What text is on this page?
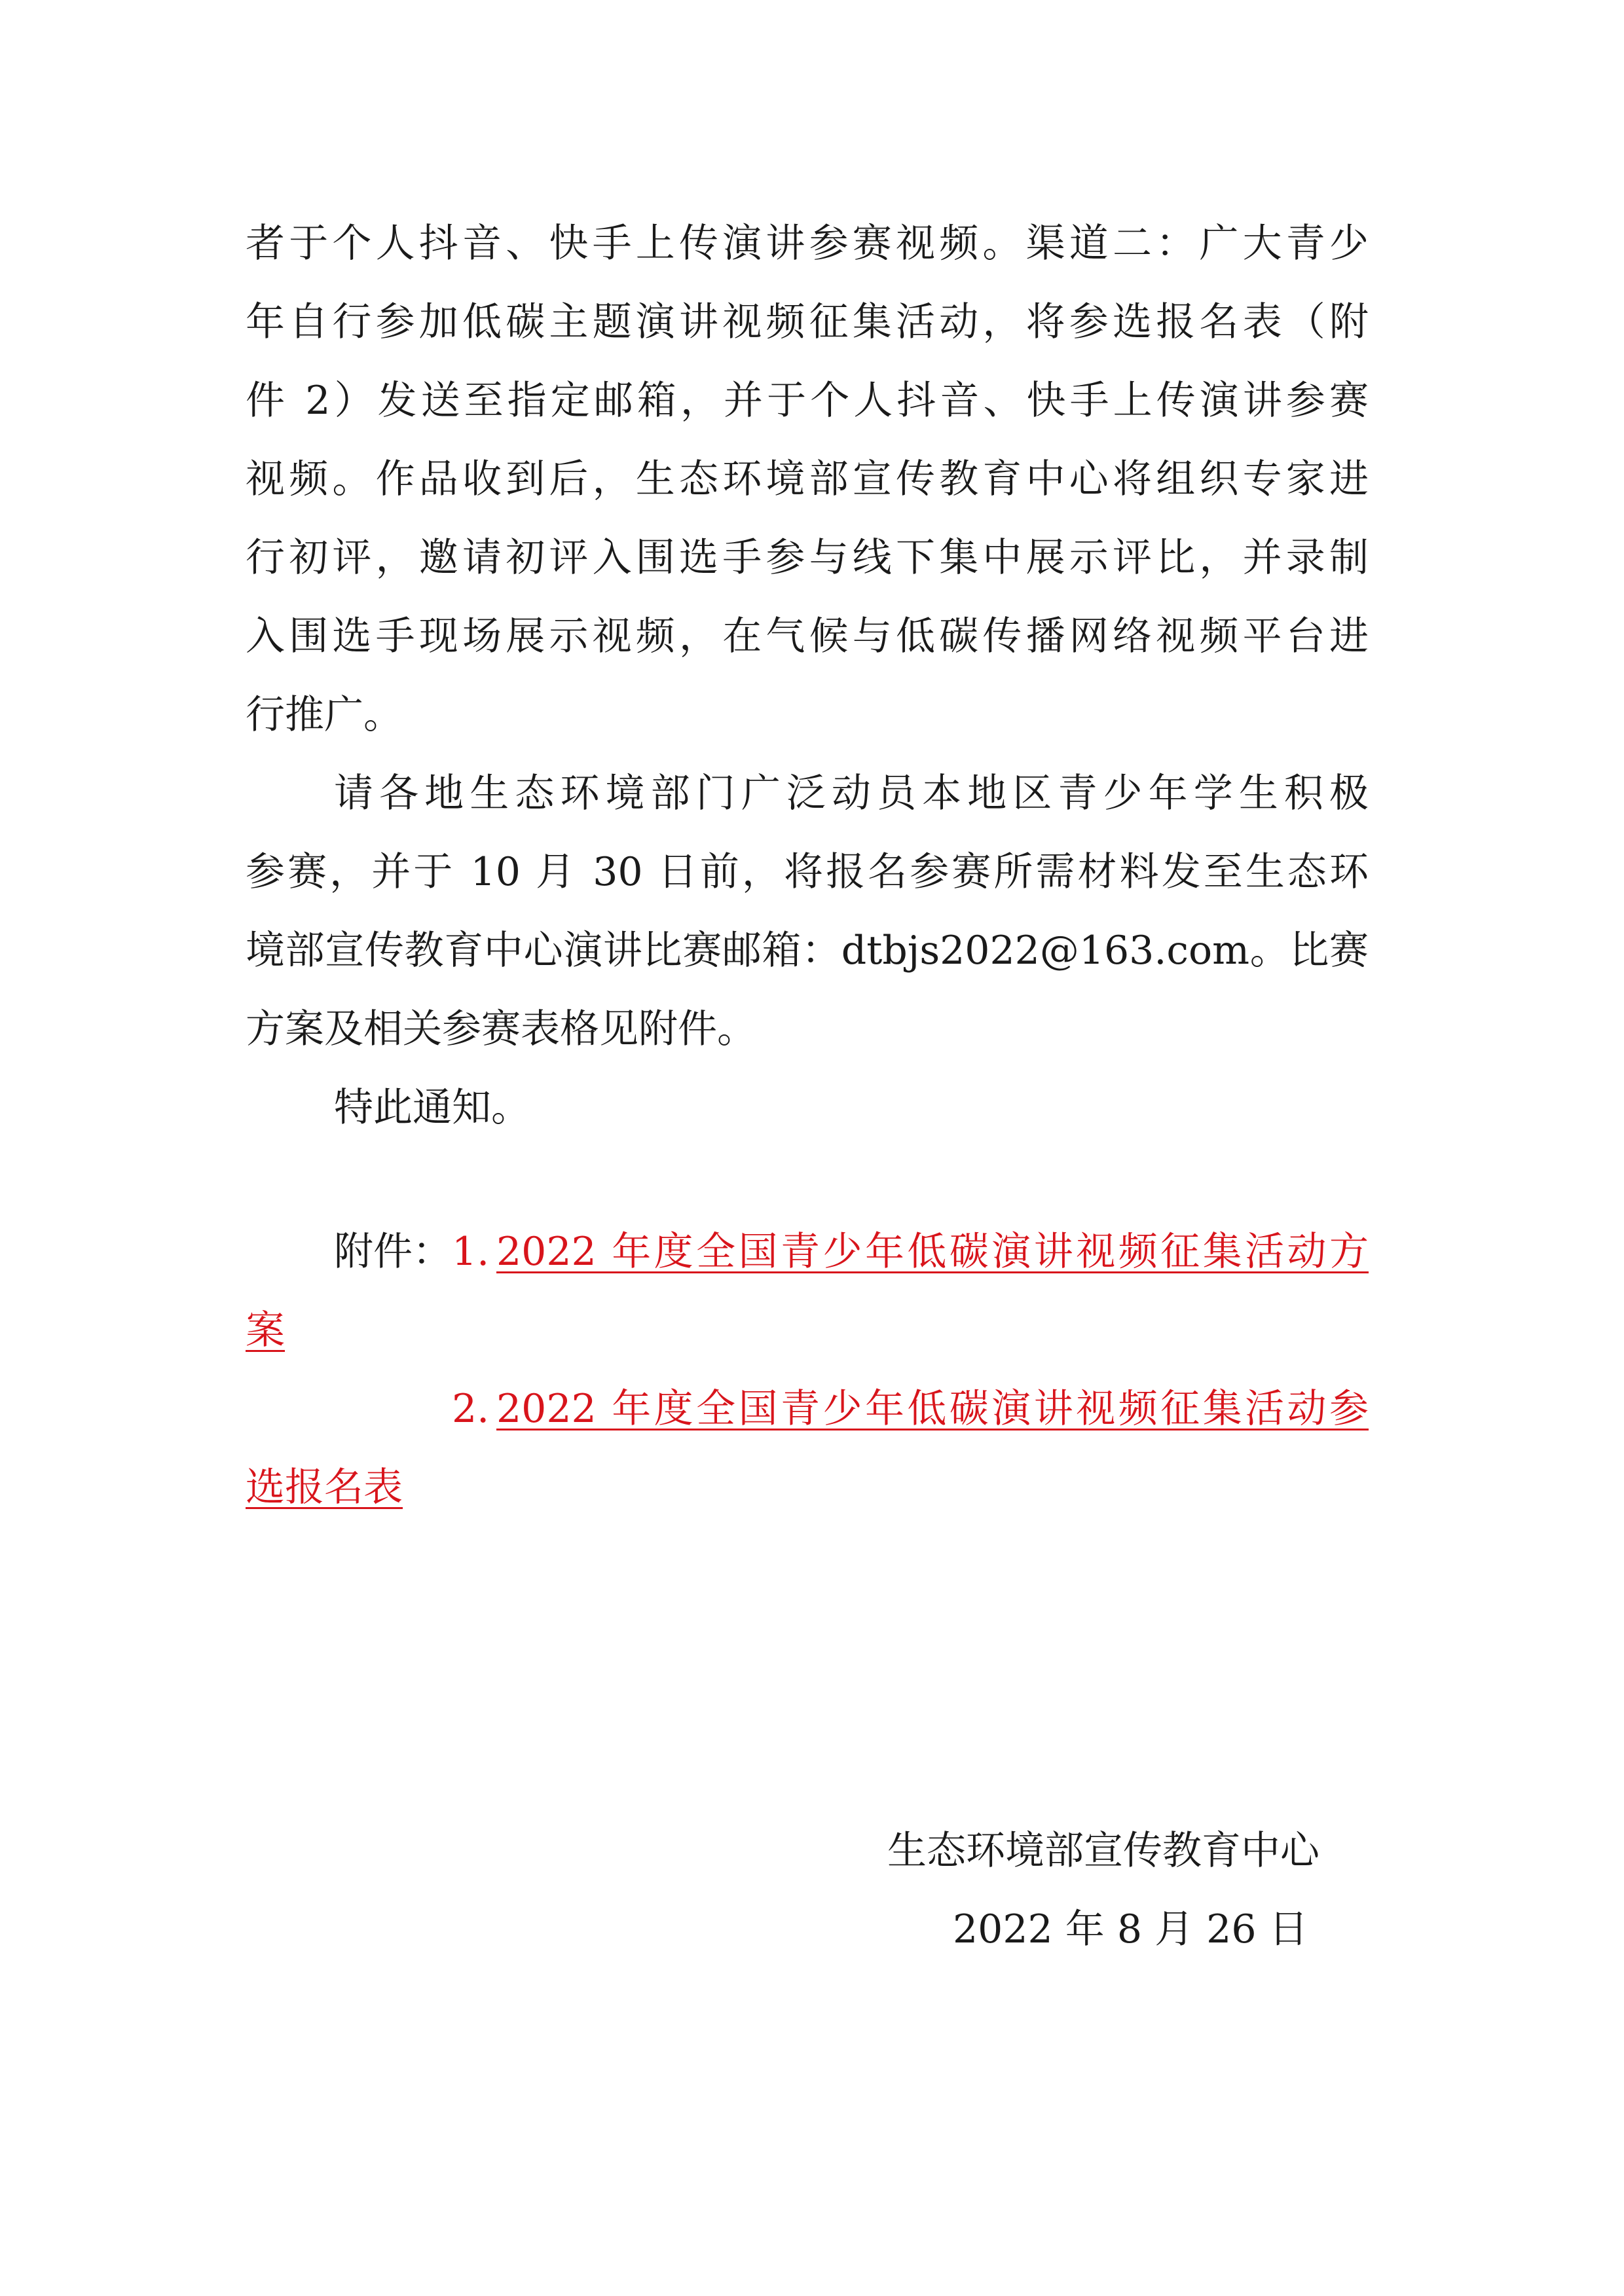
者于个人抖音、快手上传演讲参赛视频。渠道二：广大青少
年自行参加低碳主题演讲视频征集活动，将参选报名表（附
件 2）发送至指定邮箱，并于个人抖音、快手上传演讲参赛
视频。作品收到后，生态环境部宣传教育中心将组织专家进
行初评，邀请初评入围选手参与线下集中展示评比，并录制
入围选手现场展示视频，在气候与低碳传播网络视频平台进
行推广。
请各地生态环境部门广泛动员本地区青少年学生积极
参赛，并于 10 月 30 日前，将报名参赛所需材料发至生态环
境部宣传教育中心演讲比赛邮箱：dtbjs2022@163.com。比赛
方案及相关参赛表格见附件。
特此通知。
附件： 1. 2022 年度全国青少年低碳演讲视频征集活动方
案
2. 2022 年度全国青少年低碳演讲视频征集活动参
选报名表
生态环境部宣传教育中心
2022 年 8 月 26 日
